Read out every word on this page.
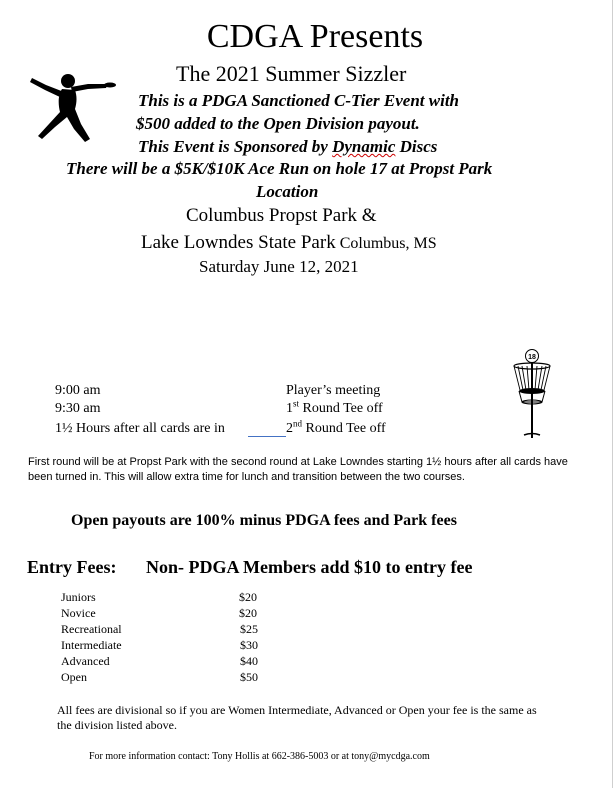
CDGA Presents
The 2021 Summer Sizzler
This is a PDGA Sanctioned C-Tier Event with
$500 added to the Open Division payout.
This Event is Sponsored by Dynamic Discs
There will be a $5K/$10K Ace Run on hole 17 at Propst Park
Location
Columbus Propst Park &
Lake Lowndes State Park Columbus, MS
Saturday June 12, 2021
18
9:00 am	Player’s meeting
9:30 am	1st Round Tee off
1½ Hours after all cards are in	2nd Round Tee off
First round will be at Propst Park with the second round at Lake Lowndes starting 1½ hours after all cards have been turned in. This will allow extra time for lunch and transition between the two courses.
Open payouts are 100% minus PDGA fees and Park fees
Entry Fees: Non- PDGA Members add $10 to entry fee
Juniors	$20
Novice	$20
Recreational	$25
Intermediate	$30
Advanced	$40
Open	$50
All fees are divisional so if you are Women Intermediate, Advanced or Open your fee is the same as the division listed above.
For more information contact: Tony Hollis at 662-386-5003 or at tony@mycdga.com
